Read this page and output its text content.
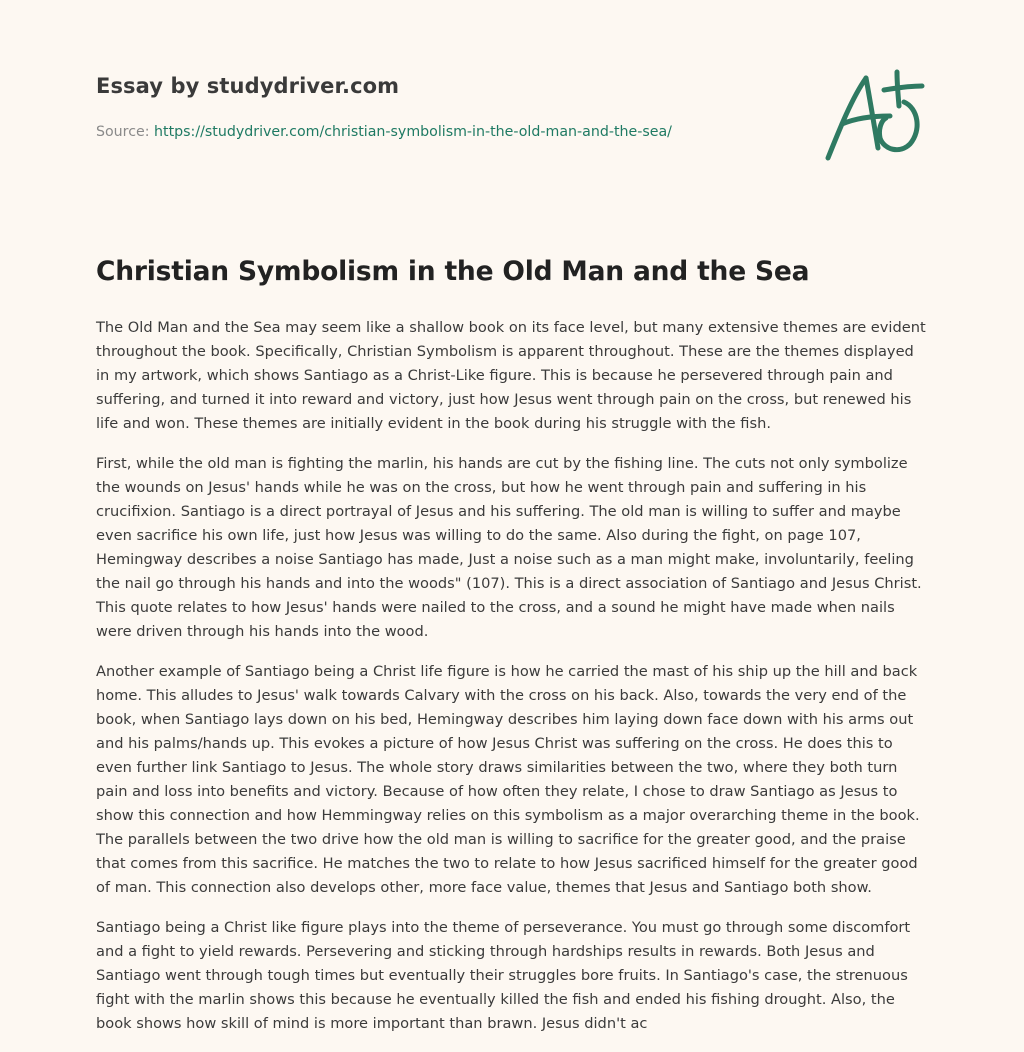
Essay by studydriver.com
Source: https://studydriver.com/christian-symbolism-in-the-old-man-and-the-sea/
Christian Symbolism in the Old Man and the Sea

The Old Man and the Sea may seem like a shallow book on its face level, but many extensive themes are evident throughout the book. Specifically, Christian Symbolism is apparent throughout. These are the themes displayed in my artwork, which shows Santiago as a Christ-Like figure. This is because he persevered through pain and suffering, and turned it into reward and victory, just how Jesus went through pain on the cross, but renewed his life and won. These themes are initially evident in the book during his struggle with the fish.

First, while the old man is fighting the marlin, his hands are cut by the fishing line. The cuts not only symbolize the wounds on Jesus' hands while he was on the cross, but how he went through pain and suffering in his crucifixion. Santiago is a direct portrayal of Jesus and his suffering. The old man is willing to suffer and maybe even sacrifice his own life, just how Jesus was willing to do the same. Also during the fight, on page 107, Hemingway describes a noise Santiago has made, Just a noise such as a man might make, involuntarily, feeling the nail go through his hands and into the woods" (107). This is a direct association of Santiago and Jesus Christ. This quote relates to how Jesus' hands were nailed to the cross, and a sound he might have made when nails were driven through his hands into the wood.

Another example of Santiago being a Christ life figure is how he carried the mast of his ship up the hill and back home. This alludes to Jesus' walk towards Calvary with the cross on his back. Also, towards the very end of the book, when Santiago lays down on his bed, Hemingway describes him laying down face down with his arms out and his palms/hands up. This evokes a picture of how Jesus Christ was suffering on the cross. He does this to even further link Santiago to Jesus. The whole story draws similarities between the two, where they both turn pain and loss into benefits and victory. Because of how often they relate, I chose to draw Santiago as Jesus to show this connection and how Hemmingway relies on this symbolism as a major overarching theme in the book. The parallels between the two drive how the old man is willing to sacrifice for the greater good, and the praise that comes from this sacrifice. He matches the two to relate to how Jesus sacrificed himself for the greater good of man. This connection also develops other, more face value, themes that Jesus and Santiago both show.

Santiago being a Christ like figure plays into the theme of perseverance. You must go through some discomfort and a fight to yield rewards. Persevering and sticking through hardships results in rewards. Both Jesus and Santiago went through tough times but eventually their struggles bore fruits. In Santiago's case, the strenuous fight with the marlin shows this because he eventually killed the fish and ended his fishing drought. Also, the book shows how skill of mind is more important than brawn. Jesus didn't ac
